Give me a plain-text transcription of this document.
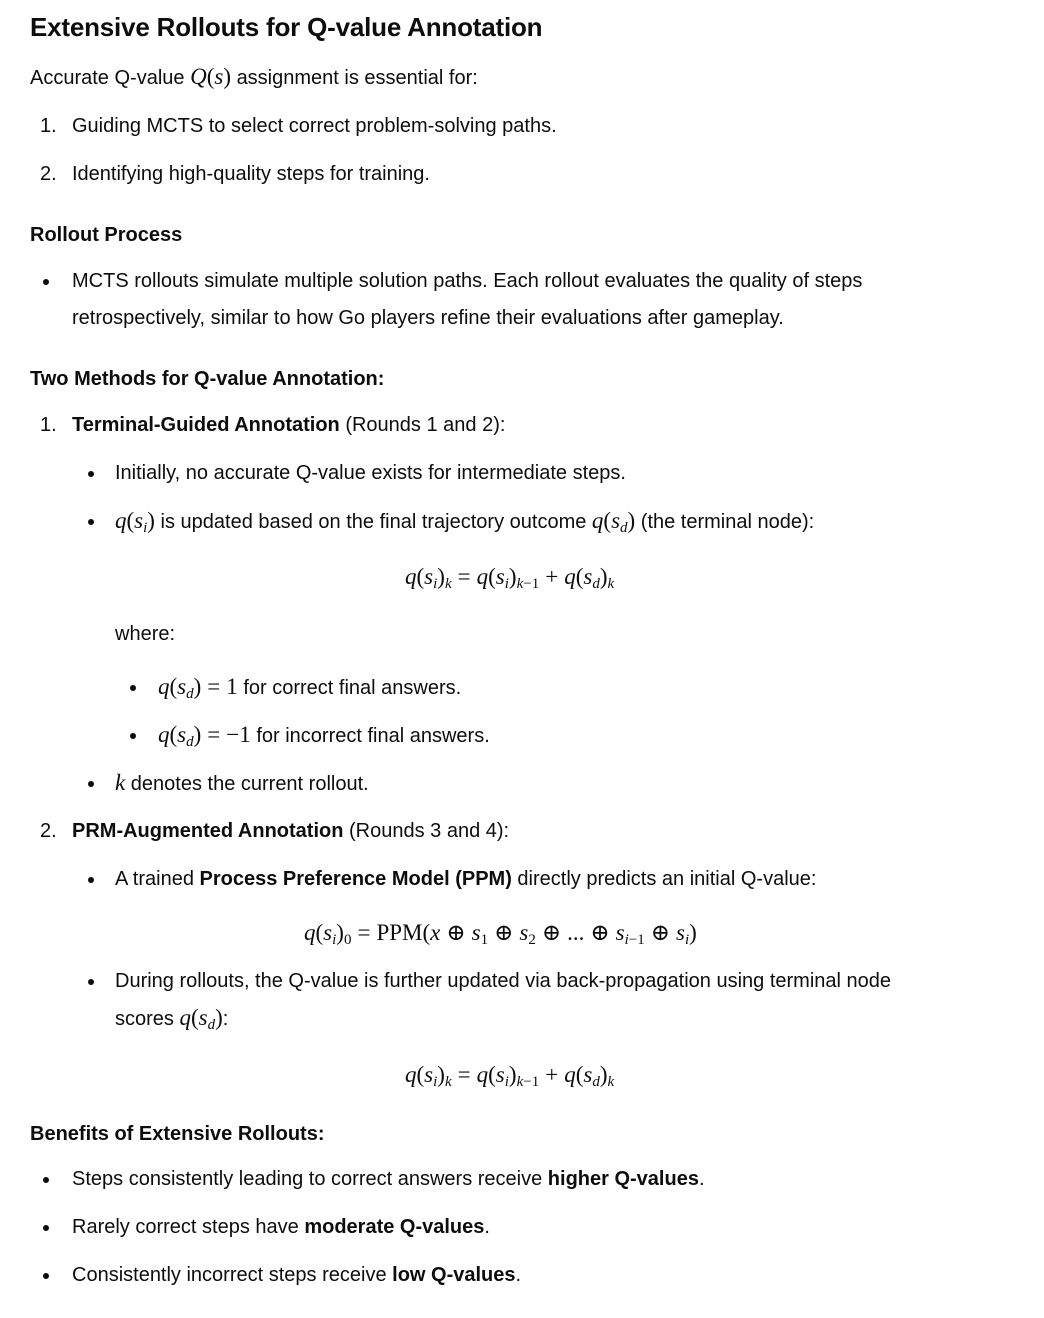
Extensive Rollouts for Q-value Annotation
Accurate Q-value Q(s) assignment is essential for:
1. Guiding MCTS to select correct problem-solving paths.
2. Identifying high-quality steps for training.
Rollout Process
MCTS rollouts simulate multiple solution paths. Each rollout evaluates the quality of steps
retrospectively, similar to how Go players refine their evaluations after gameplay.
Two Methods for Q-value Annotation:
1. Terminal-Guided Annotation (Rounds 1 and 2):
Initially, no accurate Q-value exists for intermediate steps.
$q(s_i)$ is updated based on the final trajectory outcome $q(s_d)$ (the terminal node):
$q(s_i)_k = q(s_i)_{k-1} + q(s_d)_k$
where:
$q(s_d) = 1$ for correct final answers.
$q(s_d) = -1$ for incorrect final answers.
k denotes the current rollout.
2. PRM-Augmented Annotation (Rounds 3 and 4):
A trained Process Preference Model (PPM) directly predicts an initial Q-value:
$q(s_i)_0 = PPM(x$ ⊕ $s_1$ ⊕ $s_2$ ⊕ ... ⊕ $s_{i-1}$ ⊕ $s_i$)
During rollouts, the Q-value is further updated via back-propagation using terminal node
scores $q(s_d)$:
$q(s_i)_k = q(s_i)_{k-1} + q(s_d)_k$
Benefits of Extensive Rollouts:
Steps consistently leading to correct answers receive higher Q-values.
Rarely correct steps have moderate Q-values.
Consistently incorrect steps receive low Q-values.
